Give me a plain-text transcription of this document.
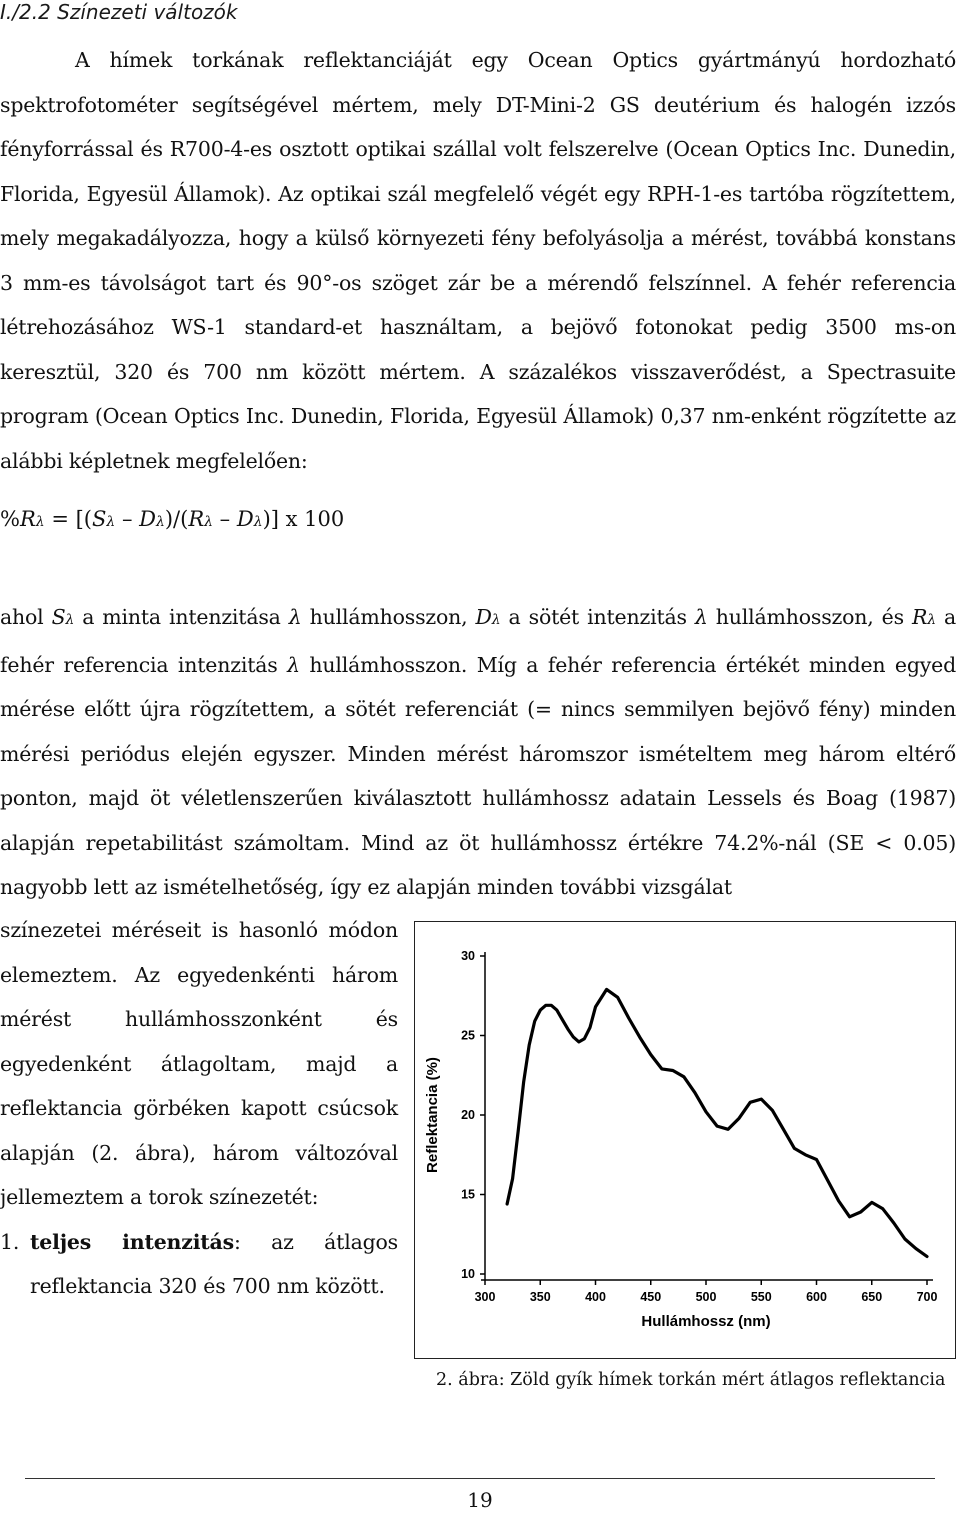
I./2.2 Színezeti változók

A hímek torkának reflektanciáját egy Ocean Optics gyártmányú hordozható spektrofotométer segítségével mértem, mely DT-Mini-2 GS deutérium és halogén izzós fényforrással és R700-4-es osztott optikai szállal volt felszerelve (Ocean Optics Inc. Dunedin, Florida, Egyesül Államok). Az optikai szál megfelelő végét egy RPH-1-es tartóba rögzítettem, mely megakadályozza, hogy a külső környezeti fény befolyásolja a mérést, továbbá konstans 3 mm-es távolságot tart és 90°-os szöget zár be a mérendő felszínnel. A fehér referencia létrehozásához WS-1 standard-et használtam, a bejövő fotonokat pedig 3500 ms-on keresztül, 320 és 700 nm között mértem. A százalékos visszaverődést, a Spectrasuite program (Ocean Optics Inc. Dunedin, Florida, Egyesül Államok) 0,37 nm-enként rögzítette az alábbi képletnek megfelelően:

%Rλ = [(Sλ – Dλ)/(Rλ – Dλ)] x 100

ahol Sλ a minta intenzitása λ hullámhosszon, Dλ a sötét intenzitás λ hullámhosszon, és Rλ a fehér referencia intenzitás λ hullámhosszon. Míg a fehér referencia értékét minden egyed mérése előtt újra rögzítettem, a sötét referenciát (= nincs semmilyen bejövő fény) minden mérési periódus elején egyszer. Minden mérést háromszor ismételtem meg három eltérő ponton, majd öt véletlenszerűen kiválasztott hullámhossz adatain Lessels és Boag (1987) alapján repetabilitást számoltam. Mind az öt hullámhossz értékre 74.2%-nál (SE < 0.05) nagyobb lett az ismételhetőség, így ez alapján minden további vizsgálat

színezetei méréseit is hasonló módon elemeztem. Az egyedenkénti három mérést hullámhosszonként és egyedenként átlagoltam, majd a reflektancia görbéken kapott csúcsok alapján (2. ábra), három változóval jellemeztem a torok színezetét:

1. teljes intenzitás: az átlagos reflektancia 320 és 700 nm között.	10
15
20
25
30
300	350	400	450	500	550	600	650	700
Hullámhossz (nm)
Reflektancia (%)
2. ábra: Zöld gyík hímek torkán mért átlagos reflektancia
19
